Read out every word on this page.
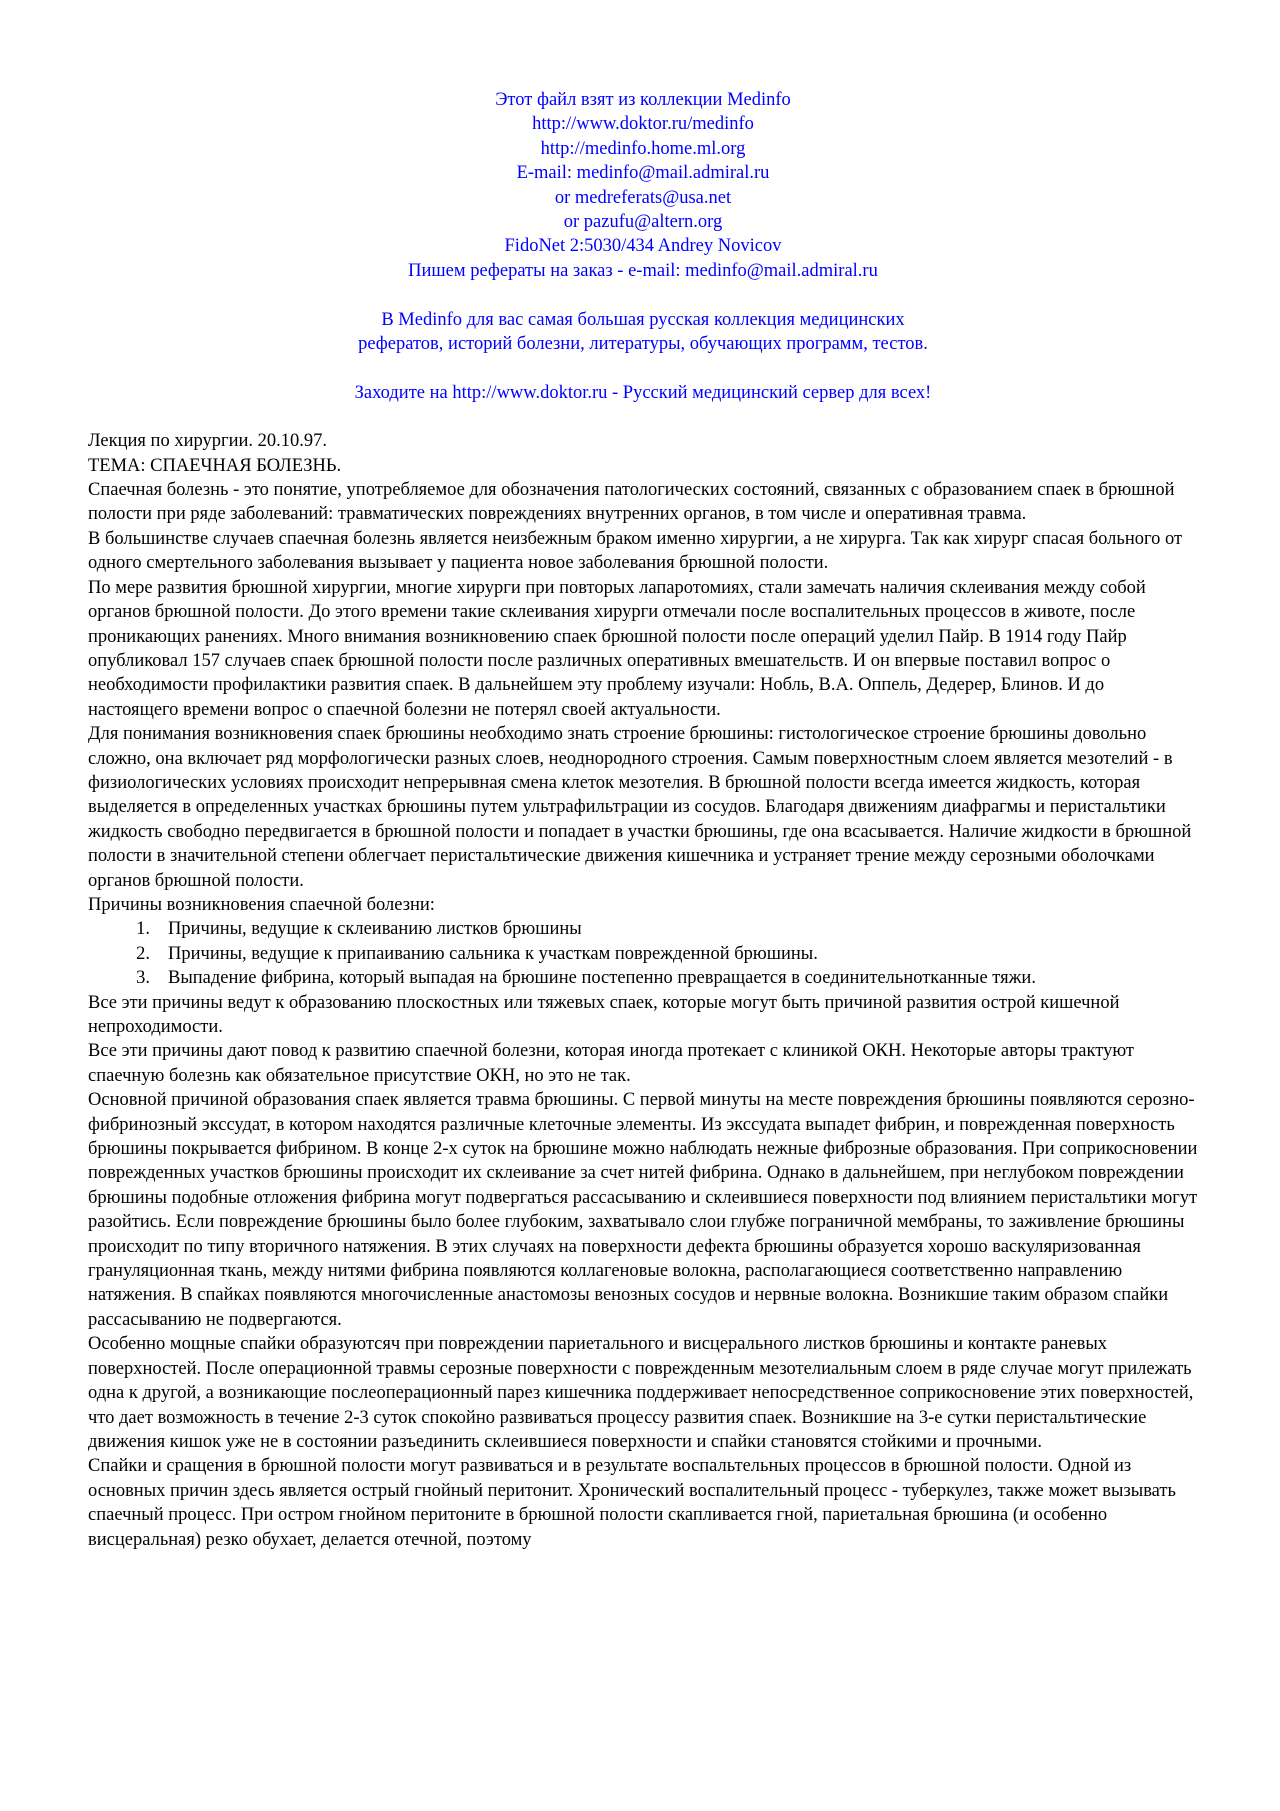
Этот файл взят из коллекции Medinfo
http://www.doktor.ru/medinfo
http://medinfo.home.ml.org
E-mail: medinfo@mail.admiral.ru
or medreferats@usa.net
or pazufu@altern.org
FidoNet 2:5030/434 Andrey Novicov
Пишем рефераты на заказ - e-mail: medinfo@mail.admiral.ru
В Medinfo для вас самая большая русская коллекция медицинских
рефератов, историй болезни, литературы, обучающих программ, тестов.
Заходите на http://www.doktor.ru - Русский медицинский сервер для всех!

Лекция по хирургии. 20.10.97.

ТЕМА: СПАЕЧНАЯ БОЛЕЗНЬ.

Спаечная болезнь - это понятие, употребляемое для обозначения патологических состояний, связанных с образованием спаек в брюшной полости при ряде заболеваний: травматических повреждениях внутренних органов, в том числе и оперативная травма.

В большинстве случаев спаечная болезнь является неизбежным браком именно хирургии, а не хирурга. Так как хирург спасая больного от одного смертельного заболевания вызывает у пациента новое заболевания брюшной полости.

По мере развития брюшной хирургии, многие хирурги при повторых лапаротомиях, стали замечать наличия склеивания между собой органов брюшной полости. До этого времени такие склеивания хирурги отмечали после воспалительных процессов в животе, после проникающих ранениях. Много внимания возникновению спаек брюшной полости после операций уделил Пайр. В 1914 году Пайр опубликовал 157 случаев спаек брюшной полости после различных оперативных вмешательств. И он впервые поставил вопрос о необходимости профилактики развития спаек. В дальнейшем эту проблему изучали: Нобль, В.А. Оппель, Дедерер, Блинов. И до настоящего времени вопрос о спаечной болезни не потерял своей актуальности.

Для понимания возникновения спаек брюшины необходимо знать строение брюшины: гистологическое строение брюшины довольно сложно, она включает ряд морфологически разных слоев, неоднородного строения. Самым поверхностным слоем является мезотелий - в физиологических условиях происходит непрерывная смена клеток мезотелия. В брюшной полости всегда имеется жидкость, которая выделяется в определенных участках брюшины путем ультрафильтрации из сосудов. Благодаря движениям диафрагмы и перистальтики жидкость свободно передвигается в брюшной полости и попадает в участки брюшины, где она всасывается. Наличие жидкости в брюшной полости в значительной степени облегчает перистальтические движения кишечника и устраняет трение между серозными оболочками органов брюшной полости.

Причины возникновения спаечной болезни:

1. Причины, ведущие к склеиванию листков брюшины
2. Причины, ведущие к припаиванию сальника к участкам поврежденной брюшины.
3. Выпадение фибрина, который выпадая на брюшине постепенно превращается в соединительнотканные тяжи.

Все эти причины ведут к образованию плоскостных или тяжевых спаек, которые могут быть причиной развития острой кишечной непроходимости.

Все эти причины дают повод к развитию спаечной болезни, которая иногда протекает с клиникой ОКН. Некоторые авторы трактуют спаечную болезнь как обязательное присутствие ОКН, но это не так.

Основной причиной образования спаек является травма брюшины. С первой минуты на месте повреждения брюшины появляются серозно-фибринозный экссудат, в котором находятся различные клеточные элементы. Из экссудата выпадет фибрин, и поврежденная поверхность брюшины покрывается фибрином. В конце 2-х суток на брюшине можно наблюдать нежные фиброзные образования. При соприкосновении поврежденных участков брюшины происходит их склеивание за счет нитей фибрина. Однако в дальнейшем, при неглубоком повреждении брюшины подобные отложения фибрина могут подвергаться рассасыванию и склеившиеся поверхности под влиянием перистальтики могут разойтись. Если повреждение брюшины было более глубоким, захватывало слои глубже пограничной мембраны, то заживление брюшины происходит по типу вторичного натяжения. В этих случаях на поверхности дефекта брюшины образуется хорошо васкуляризованная грануляционная ткань, между нитями фибрина появляются коллагеновые волокна, располагающиеся соответственно направлению натяжения. В спайках появляются многочисленные анастомозы венозных сосудов и нервные волокна. Возникшие таким образом спайки рассасыванию не подвергаются.

Особенно мощные спайки образуютсяч при повреждении париетального и висцерального листков брюшины и контакте раневых поверхностей. После операционной травмы серозные поверхности с поврежденным мезотелиальным слоем в ряде случае могут прилежать одна к другой, а возникающие послеоперационный парез кишечника поддерживает непосредственное соприкосновение этих поверхностей, что дает возможность в течение 2-3 суток спокойно развиваться процессу развития спаек. Возникшие на 3-е сутки перистальтические движения кишок уже не в состоянии разъединить склеившиеся поверхности и спайки становятся стойкими и прочными.

Спайки и сращения в брюшной полости могут развиваться и в результате воспальтельных процессов в брюшной полости. Одной из основных причин здесь является острый гнойный перитонит. Хронический воспалительный процесс - туберкулез, также может вызывать спаечный процесс. При остром гнойном перитоните в брюшной полости скапливается гной, париетальная брюшина (и особенно висцеральная) резко обухает, делается отечной, поэтому
